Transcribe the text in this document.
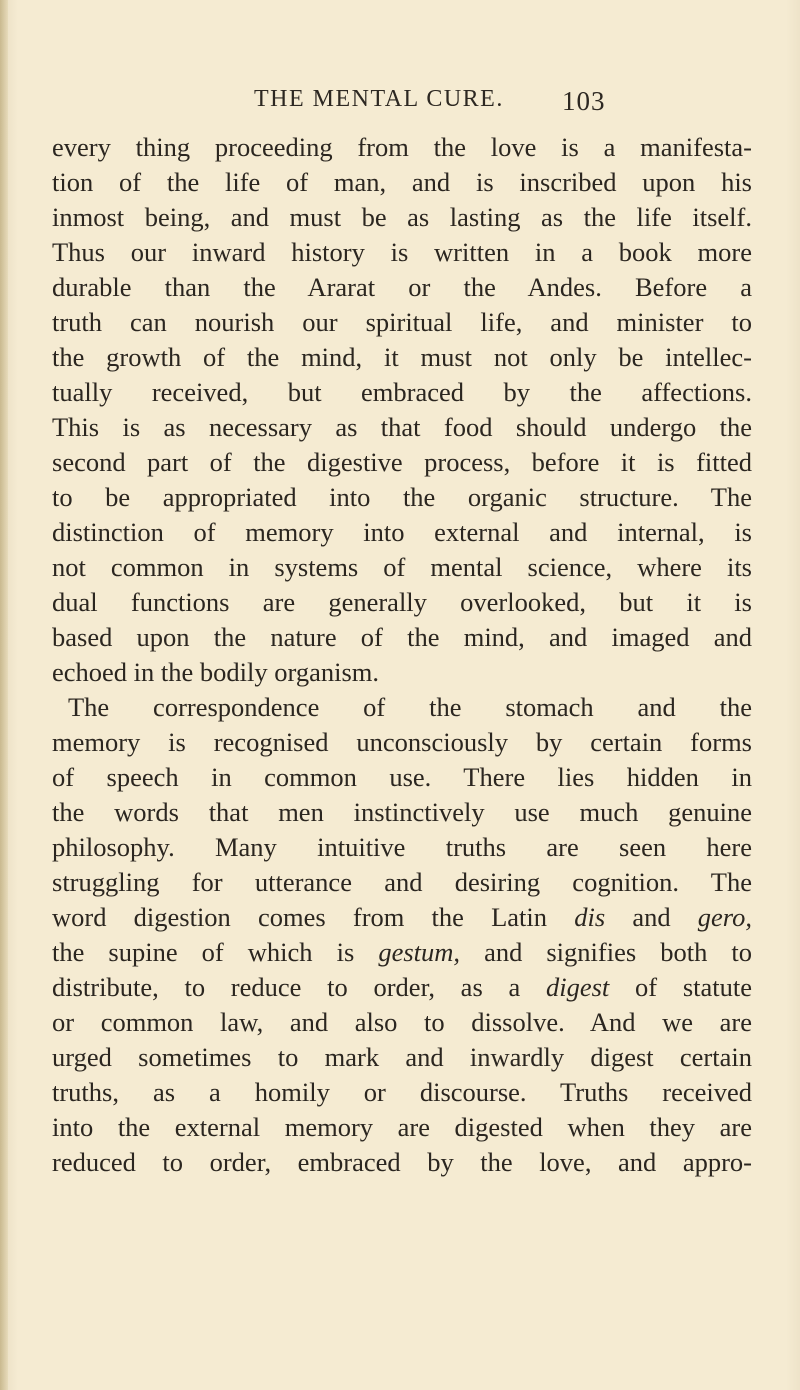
THE MENTAL CURE. 103
every thing proceeding from the love is a manifesta-
tion of the life of man, and is inscribed upon his
inmost being, and must be as lasting as the life itself.
Thus our inward history is written in a book more
durable than the Ararat or the Andes. Before a
truth can nourish our spiritual life, and minister to
the growth of the mind, it must not only be intellec-
tually received, but embraced by the affections.
This is as necessary as that food should undergo the
second part of the digestive process, before it is fitted
to be appropriated into the organic structure. The
distinction of memory into external and internal, is
not common in systems of mental science, where its
dual functions are generally overlooked, but it is
based upon the nature of the mind, and imaged and
echoed in the bodily organism.
The correspondence of the stomach and the
memory is recognised unconsciously by certain forms
of speech in common use. There lies hidden in
the words that men instinctively use much genuine
philosophy. Many intuitive truths are seen here
struggling for utterance and desiring cognition. The
word digestion comes from the Latin dis and gero,
the supine of which is gestum, and signifies both to
distribute, to reduce to order, as a digest of statute
or common law, and also to dissolve. And we are
urged sometimes to mark and inwardly digest certain
truths, as a homily or discourse. Truths received
into the external memory are digested when they are
reduced to order, embraced by the love, and appro-
